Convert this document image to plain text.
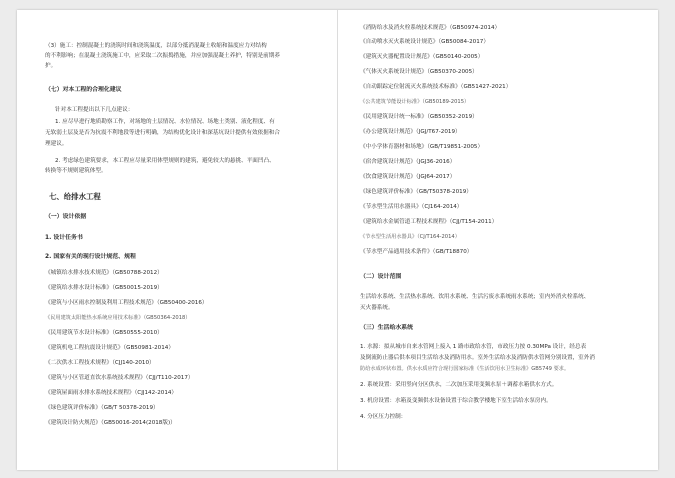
（3）施工：控制混凝土的浇筑时间和浇筑温度，以部分抵消混凝土收缩和温度应力对结构
的不利影响；在混凝土浇筑施工中，应采取二次振捣措施，并应加强混凝土养护，特别是前期养
护。
（七）对本工程的合理化建议
针对本工程提出以下几点建议：
1. 应尽早进行地质勘察工作，对场地的土层情况、水位情况、场地土类别、液化程度、有
无软弱土层及是否为抗震不利地段等进行明确，为结构优化设计和深基坑设计提供有效依据和合
理建议。
2. 考虑绿色建筑要求，本工程应尽量采用体型规则的建筑，避免较大的悬挑、平面凹凸、
转换等不规则建筑体型。
七、给排水工程
（一）设计依据
1. 设计任务书
2. 国家有关的现行设计规范、规程
《城镇给水排水技术规范》（GB50788-2012）
《建筑给水排水设计标准》（GB50015-2019）
《建筑与小区雨水控制及利用工程技术规范》（GB50400-2016）
《民用建筑太阳能热水系统应用技术标准》（GB50364-2018）
《民用建筑节水设计标准》（GB50555-2010）
《建筑机电工程抗震设计规范》（GB50981-2014）
《二次供水工程技术规程》（CJJ140-2010）
《建筑与小区管道直饮水系统技术规程》（CJJ/T110-2017）
《建筑屋面雨水排水系统技术规程》（CJJ142-2014）
《绿色建筑评价标准》（GB/T 50378-2019）
《建筑设计防火规范》（GB50016-2014(2018版)）
《消防给水及消火栓系统技术规范》（GB50974-2014）
《自动喷水灭火系统设计规范》（GB50084-2017）
《建筑灭火器配置设计规范》（GB50140-2005）
《气体灭火系统设计规范》（GB50370-2005）
《自动跟踪定位射流灭火系统技术标准》（GB51427-2021）
《公共建筑节能设计标准》（GB50189-2015）
《民用建筑设计统一标准》（GB50352-2019）
《办公建筑设计规范》（JGJ/T67-2019）
《中小学体育器材和场地》（GB/T19851-2005）
《宿舍建筑设计规范》（JGJ36-2016）
《饮食建筑设计规范》（JGJ64-2017）
《绿色建筑评价标准》（GB/T50378-2019）
《节水型生活用水器具》（CJ164-2014）
《建筑给水金属管道工程技术规程》（CJJ/T154-2011）
《节水型生活用水器具》（CJ/T164-2014）
《节水型产品通用技术条件》（GB/T18870）
（二）设计范围
生活给水系统、生活热水系统、饮用水系统、生活污废水系统雨水系统；室内外消火栓系统、
灭火器系统。
（三）生活给水系统
1. 水源：拟从城市自来水管网上接入 1 路市政给水管，市政压力按 0.30MPa 设计，经总表
及倒流防止器后供本项目生活给水及消防用水。室外生活给水及消防供水管网分别设置，室外消
防给水成环状布置。供水水质应符合现行国家标准《生活饮用水卫生标准》GB5749 要求。
2. 系统设置：采用竖向分区供水，二次加压采用变频水泵＋调蓄水箱供水方式。
3. 机房设置：水箱及变频供水设备设置于综合教学楼地下室生活给水泵房内。
4. 分区压力控制：
